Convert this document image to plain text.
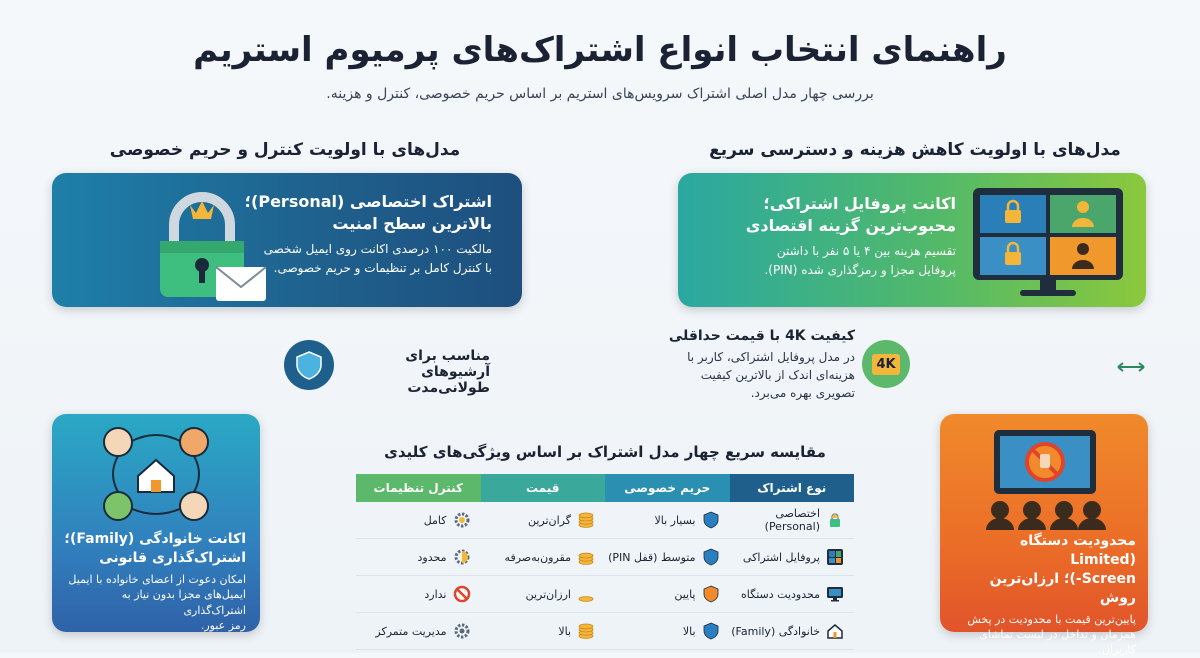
راهنمای انتخاب انواع اشتراک‌های پرمیوم استریم
بررسی چهار مدل اصلی اشتراک سرویس‌های استریم بر اساس حریم خصوصی، کنترل و هزینه.
مدل‌های با اولویت کنترل و حریم خصوصی	مدل‌های با اولویت کاهش هزینه و دسترسی سریع
اشتراک اختصاصی (Personal)؛
بالاترین سطح امنیت

مالکیت ۱۰۰ درصدی اکانت روی ایمیل شخصی

با کنترل کامل بر تنظیمات و حریم خصوصی.

اکانت پروفایل اشتراکی؛
محبوب‌ترین گزینه اقتصادی

تقسیم هزینه بین ۴ یا ۵ نفر با داشتن

پروفایل مجزا و رمزگذاری شده (PIN).

مناسب برای آرشیوهای
طولانی‌مدت
4K
کیفیت 4K با قیمت حداقلی
در مدل پروفایل اشتراکی، کاربر با
هزینه‌ای اندک از بالاترین کیفیت
تصویری بهره می‌برد.
اکانت خانوادگی (Family)؛
اشتراک‌گذاری قانونی

امکان دعوت از اعضای خانواده با ایمیل

ایمیل‌های مجزا بدون نیاز به اشتراک‌گذاری

رمز عبور.

محدودیت دستگاه (Limited
Screen-)؛ ارزان‌ترین روش

پایین‌ترین قیمت با محدودیت در پخش

همزمان و تداخل در لیست تماشای

کاربران.

مقایسه سریع چهار مدل اشتراک بر اساس ویژگی‌های کلیدی
نوع اشتراک
حریم خصوصی
قیمت
کنترل تنظیمات
اختصاصی (Personal)
بسیار بالا
گران‌ترین
کامل
پروفایل اشتراکی
متوسط (قفل PIN)
مقرون‌به‌صرفه
محدود
محدودیت دستگاه
پایین
ارزان‌ترین
ندارد
خانوادگی (Family)
بالا
بالا
مدیریت متمرکز
